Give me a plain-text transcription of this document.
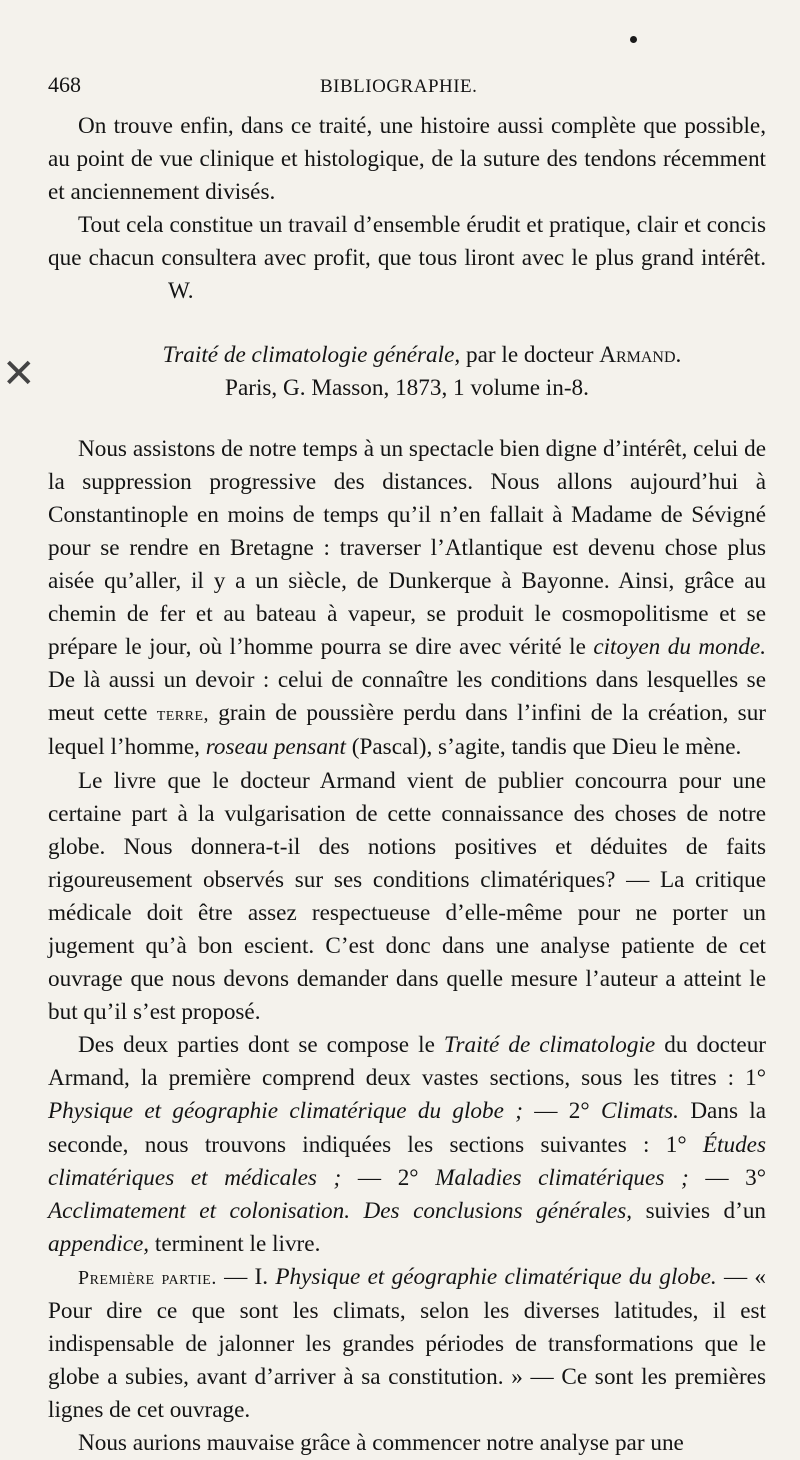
✕
468	BIBLIOGRAPHIE.

On trouve enfin, dans ce traité, une histoire aussi complète que possible, au point de vue clinique et histologique, de la suture des tendons récemment et anciennement divisés.

Tout cela constitue un travail d’ensemble érudit et pratique, clair et concis que chacun consultera avec profit, que tous liront avec le plus grand intérêt.W.

Traité de climatologie générale, par le docteur Armand.
Paris, G. Masson, 1873, 1 volume in-8.

Nous assistons de notre temps à un spectacle bien digne d’intérêt, celui de la suppression progressive des distances. Nous allons aujourd’hui à Constantinople en moins de temps qu’il n’en fallait à Madame de Sévigné pour se rendre en Bretagne : traverser l’Atlantique est devenu chose plus aisée qu’aller, il y a un siècle, de Dunkerque à Bayonne. Ainsi, grâce au chemin de fer et au bateau à vapeur, se produit le cosmopolitisme et se prépare le jour, où l’homme pourra se dire avec vérité le citoyen du monde. De là aussi un devoir : celui de connaître les conditions dans lesquelles se meut cette terre, grain de poussière perdu dans l’infini de la création, sur lequel l’homme, roseau pensant (Pascal), s’agite, tandis que Dieu le mène.

Le livre que le docteur Armand vient de publier concourra pour une certaine part à la vulgarisation de cette connaissance des choses de notre globe. Nous donnera-t-il des notions positives et déduites de faits rigoureusement observés sur ses conditions climatériques? — La critique médicale doit être assez respectueuse d’elle-même pour ne porter un jugement qu’à bon escient. C’est donc dans une analyse patiente de cet ouvrage que nous devons demander dans quelle mesure l’auteur a atteint le but qu’il s’est proposé.

Des deux parties dont se compose le Traité de climatologie du docteur Armand, la première comprend deux vastes sections, sous les titres : 1° Physique et géographie climatérique du globe ; — 2° Climats. Dans la seconde, nous trouvons indiquées les sections suivantes : 1° Études climatériques et médicales ; — 2° Maladies climatériques ; — 3° Acclimatement et colonisation. Des conclusions générales, suivies d’un appendice, terminent le livre.

Première partie. — I. Physique et géographie climatérique du globe. — « Pour dire ce que sont les climats, selon les diverses latitudes, il est indispensable de jalonner les grandes périodes de transformations que le globe a subies, avant d’arriver à sa constitution. » — Ce sont les premières lignes de cet ouvrage.

Nous aurions mauvaise grâce à commencer notre analyse par une
